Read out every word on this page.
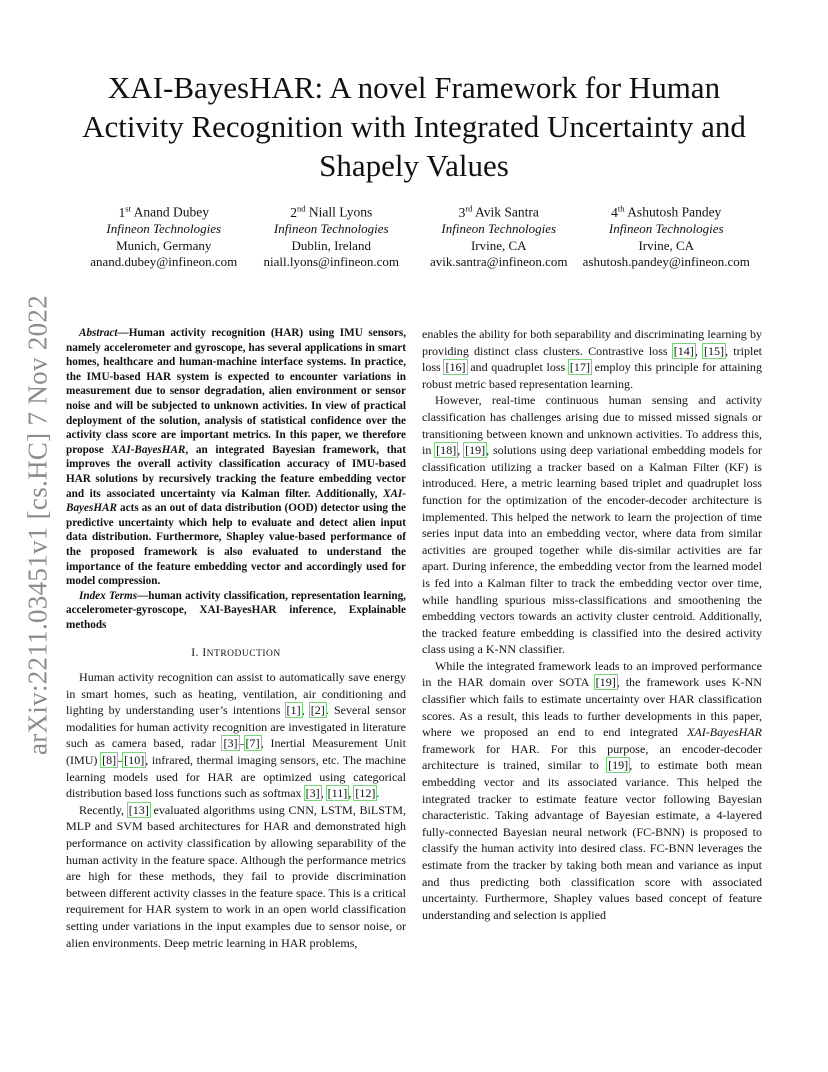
arXiv:2211.03451v1 [cs.HC] 7 Nov 2022
XAI-BayesHAR: A novel Framework for Human Activity Recognition with Integrated Uncertainty and Shapely Values
1st Anand Dubey
Infineon Technologies
Munich, Germany
anand.dubey@infineon.com
2nd Niall Lyons
Infineon Technologies
Dublin, Ireland
niall.lyons@infineon.com
3rd Avik Santra
Infineon Technologies
Irvine, CA
avik.santra@infineon.com
4th Ashutosh Pandey
Infineon Technologies
Irvine, CA
ashutosh.pandey@infineon.com

Abstract—Human activity recognition (HAR) using IMU sensors, namely accelerometer and gyroscope, has several applications in smart homes, healthcare and human-machine interface systems. In practice, the IMU-based HAR system is expected to encounter variations in measurement due to sensor degradation, alien environment or sensor noise and will be subjected to unknown activities. In view of practical deployment of the solution, analysis of statistical confidence over the activity class score are important metrics. In this paper, we therefore propose XAI-BayesHAR, an integrated Bayesian framework, that improves the overall activity classification accuracy of IMU-based HAR solutions by recursively tracking the feature embedding vector and its associated uncertainty via Kalman filter. Additionally, XAI-BayesHAR acts as an out of data distribution (OOD) detector using the predictive uncertainty which help to evaluate and detect alien input data distribution. Furthermore, Shapley value-based performance of the proposed framework is also evaluated to understand the importance of the feature embedding vector and accordingly used for model compression.

Index Terms—human activity classification, representation learning, accelerometer-gyroscope, XAI-BayesHAR inference, Explainable methods

I. INTRODUCTION

Human activity recognition can assist to automatically save energy in smart homes, such as heating, ventilation, air conditioning and lighting by understanding user’s intentions [1], [2]. Several sensor modalities for human activity recognition are investigated in literature such as camera based, radar [3]–[7], Inertial Measurement Unit (IMU) [8]–[10], infrared, thermal imaging sensors, etc. The machine learning models used for HAR are optimized using categorical distribution based loss functions such as softmax [3], [11], [12].

Recently, [13] evaluated algorithms using CNN, LSTM, BiLSTM, MLP and SVM based architectures for HAR and demonstrated high performance on activity classification by allowing separability of the human activity in the feature space. Although the performance metrics are high for these methods, they fail to provide discrimination between different activity classes in the feature space. This is a critical requirement for HAR system to work in an open world classification setting under variations in the input examples due to sensor noise, or alien environments. Deep metric learning in HAR problems,

enables the ability for both separability and discriminating learning by providing distinct class clusters. Contrastive loss [14], [15], triplet loss [16] and quadruplet loss [17] employ this principle for attaining robust metric based representation learning.

However, real-time continuous human sensing and activity classification has challenges arising due to missed missed signals or transitioning between known and unknown activities. To address this, in [18], [19], solutions using deep variational embedding models for classification utilizing a tracker based on a Kalman Filter (KF) is introduced. Here, a metric learning based triplet and quadruplet loss function for the optimization of the encoder-decoder architecture is implemented. This helped the network to learn the projection of time series input data into an embedding vector, where data from similar activities are grouped together while dis-similar activities are far apart. During inference, the embedding vector from the learned model is fed into a Kalman filter to track the embedding vector over time, while handling spurious miss-classifications and smoothening the embedding vectors towards an activity cluster centroid. Additionally, the tracked feature embedding is classified into the desired activity class using a K-NN classifier.

While the integrated framework leads to an improved performance in the HAR domain over SOTA [19], the framework uses K-NN classifier which fails to estimate uncertainty over HAR classification scores. As a result, this leads to further developments in this paper, where we proposed an end to end integrated XAI-BayesHAR framework for HAR. For this purpose, an encoder-decoder architecture is trained, similar to [19], to estimate both mean embedding vector and its associated variance. This helped the integrated tracker to estimate feature vector following Bayesian characteristic. Taking advantage of Bayesian estimate, a 4-layered fully-connected Bayesian neural network (FC-BNN) is proposed to classify the human activity into desired class. FC-BNN leverages the estimate from the tracker by taking both mean and variance as input and thus predicting both classification score with associated uncertainty. Furthermore, Shapley values based concept of feature understanding and selection is applied
